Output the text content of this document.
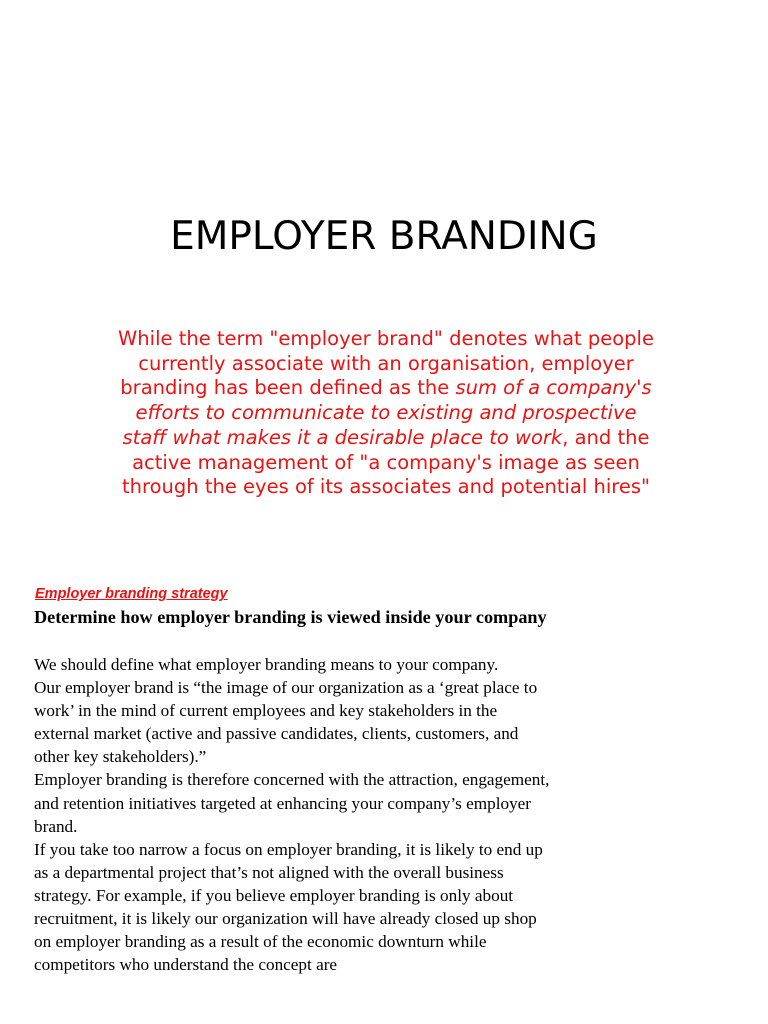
EMPLOYER BRANDING

While the term "employer brand" denotes what people currently associate with an organisation, employer branding has been defined as the sum of a company's efforts to communicate to existing and prospective staff what makes it a desirable place to work, and the active management of "a company's image as seen through the eyes of its associates and potential hires"

Employer branding strategy

Determine how employer branding is viewed inside your company

We should define what employer branding means to your company.

Our employer brand is “the image of our organization as a ‘great place to work’ in the mind of current employees and key stakeholders in the external market (active and passive candidates, clients, customers, and other key stakeholders).”

Employer branding is therefore concerned with the attraction, engagement, and retention initiatives targeted at enhancing your company’s employer brand.

If you take too narrow a focus on employer branding, it is likely to end up as a departmental project that’s not aligned with the overall business strategy. For example, if you believe employer branding is only about recruitment, it is likely our organization will have already closed up shop on employer branding as a result of the economic downturn while competitors who understand the concept are
